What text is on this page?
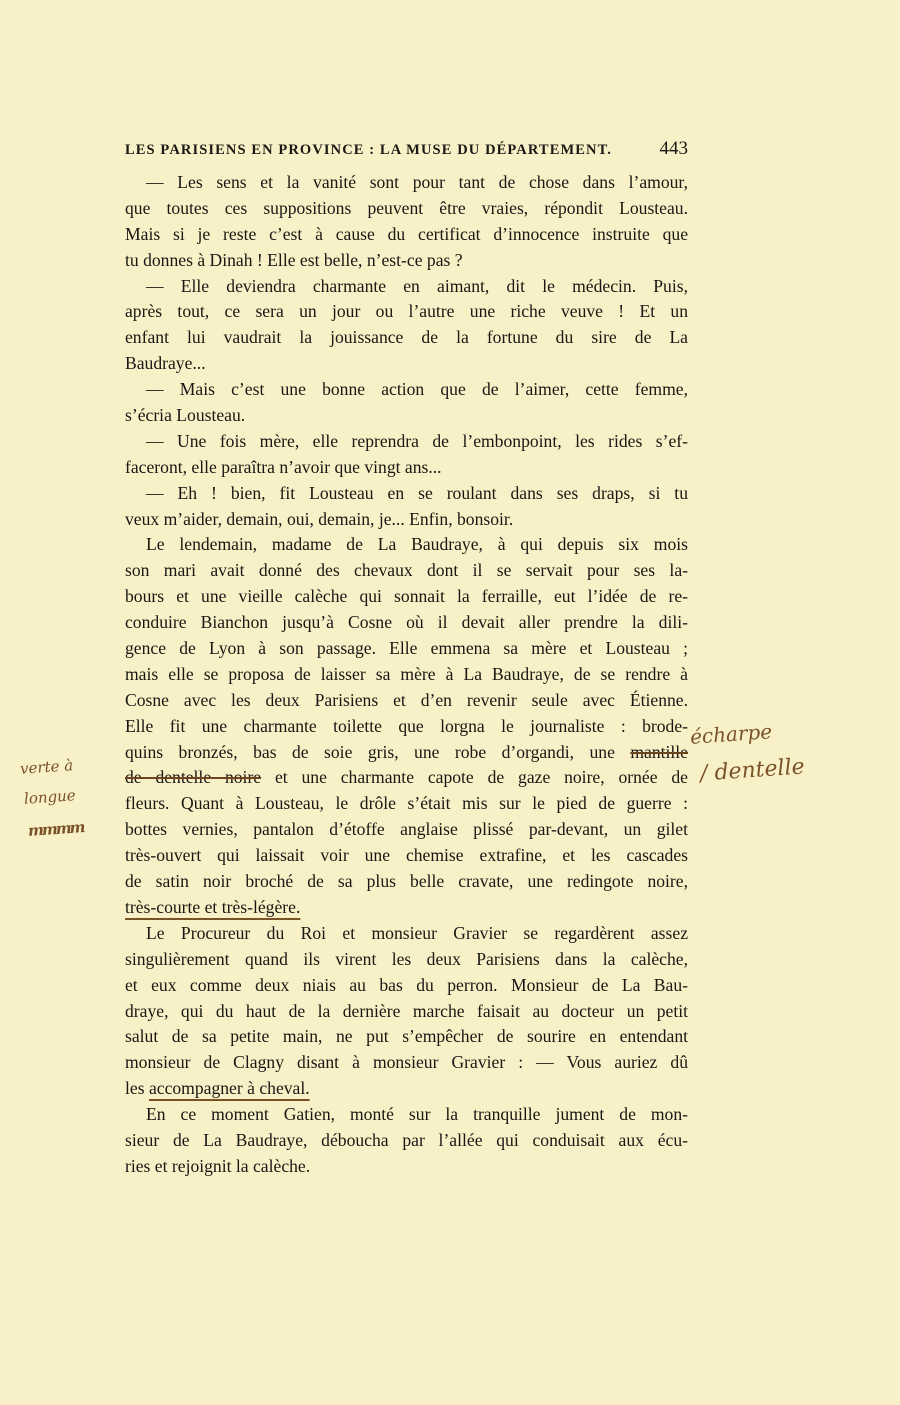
LES PARISIENS EN PROVINCE : LA MUSE DU DÉPARTEMENT. 443
— Les sens et la vanité sont pour tant de chose dans l’amour,
que toutes ces suppositions peuvent être vraies, répondit Lousteau.
Mais si je reste c’est à cause du certificat d’innocence instruite que
tu donnes à Dinah ! Elle est belle, n’est-ce pas ?
— Elle deviendra charmante en aimant, dit le médecin. Puis,
après tout, ce sera un jour ou l’autre une riche veuve ! Et un
enfant lui vaudrait la jouissance de la fortune du sire de La
Baudraye...
— Mais c’est une bonne action que de l’aimer, cette femme,
s’écria Lousteau.
— Une fois mère, elle reprendra de l’embonpoint, les rides s’ef-
faceront, elle paraîtra n’avoir que vingt ans...
— Eh ! bien, fit Lousteau en se roulant dans ses draps, si tu
veux m’aider, demain, oui, demain, je... Enfin, bonsoir.
Le lendemain, madame de La Baudraye, à qui depuis six mois
son mari avait donné des chevaux dont il se servait pour ses la-
bours et une vieille calèche qui sonnait la ferraille, eut l’idée de re-
conduire Bianchon jusqu’à Cosne où il devait aller prendre la dili-
gence de Lyon à son passage. Elle emmena sa mère et Lousteau ;
mais elle se proposa de laisser sa mère à La Baudraye, de se rendre à
Cosne avec les deux Parisiens et d’en revenir seule avec Étienne.
Elle fit une charmante toilette que lorgna le journaliste : brode-
quins bronzés, bas de soie gris, une robe d’organdi, une mantille
de dentelle noire et une charmante capote de gaze noire, ornée de
fleurs. Quant à Lousteau, le drôle s’était mis sur le pied de guerre :
bottes vernies, pantalon d’étoffe anglaise plissé par-devant, un gilet
très-ouvert qui laissait voir une chemise extrafine, et les cascades
de satin noir broché de sa plus belle cravate, une redingote noire,
très-courte et très-légère.
Le Procureur du Roi et monsieur Gravier se regardèrent assez
singulièrement quand ils virent les deux Parisiens dans la calèche,
et eux comme deux niais au bas du perron. Monsieur de La Bau-
draye, qui du haut de la dernière marche faisait au docteur un petit
salut de sa petite main, ne put s’empêcher de sourire en entendant
monsieur de Clagny disant à monsieur Gravier : — Vous auriez dû
les accompagner à cheval.
En ce moment Gatien, monté sur la tranquille jument de mon-
sieur de La Baudraye, déboucha par l’allée qui conduisait aux écu-
ries et rejoignit la calèche.
écharpe
/ dentelle
verte à
longue
mmmm
